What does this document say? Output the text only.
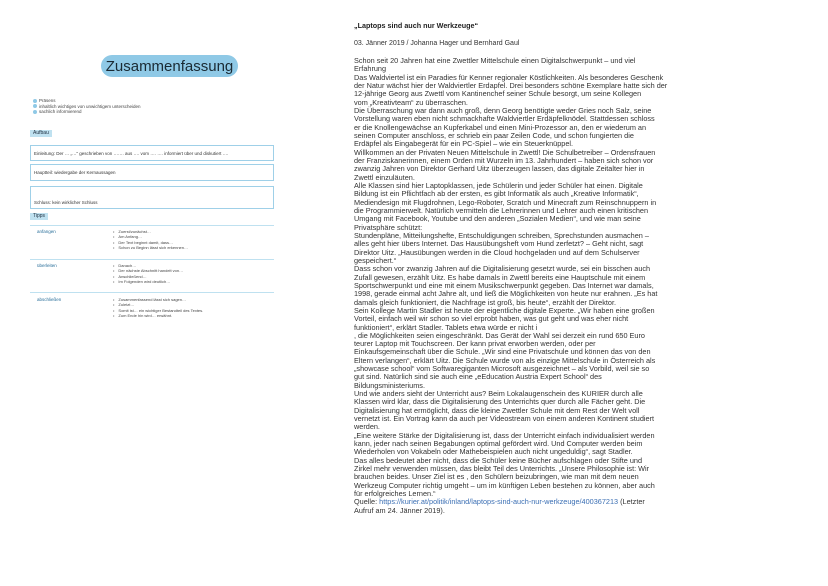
Zusammenfassung
Präsens
inhaltlich wichtiges von unwichtigem unterscheiden
sachlich informierend
Aufbau
Einleitung: Der … „…“ geschrieben von ……. aus …. vom …. …. informiert über und diskutiert ….
Hauptteil: wiedergabe der Kernaussagen
Schluss: kein wirklicher Schluss
Tipps
anfangen	• Zuerst/zunächst…
• Am Anfang…
• Der Text beginnt damit, dass…
• Schon zu Beginn lässt sich erkennen…
überleiten	• Danach…
• Der nächste Abschnitt handelt von…
• Anschließend…
• Im Folgenden wird deutlich…
abschließen	• Zusammenfassend lässt sich sagen…
• Zuletzt…
• Somit ist… ein wichtiger Bestandteil des Textes.
• Zum Ende hin wird… erwähnt.
„Laptops sind auch nur Werkzeuge“
03. Jänner 2019 / Johanna Hager und Bernhard Gaul
Schon seit 20 Jahren hat eine Zwettler Mittelschule einen Digitalschwerpunkt – und viel
Erfahrung
Das Waldviertel ist ein Paradies für Kenner regionaler Köstlichkeiten. Als besonderes Geschenk
der Natur wächst hier der Waldviertler Erdapfel. Drei besonders schöne Exemplare hatte sich der
12-jährige Georg aus Zwettl vom Kantinenchef seiner Schule besorgt, um seine Kollegen
vom „Kreativteam“ zu überraschen.
Die Überraschung war dann auch groß, denn Georg benötigte weder Gries noch Salz, seine
Vorstellung waren eben nicht schmackhafte Waldviertler Erdäpfelknödel. Stattdessen schloss
er die Knollengewächse an Kupferkabel und einen Mini-Prozessor an, den er wiederum an
seinen Computer anschloss, er schrieb ein paar Zeilen Code, und schon fungierten die
Erdäpfel als Eingabegerät für ein PC-Spiel – wie ein Steuerknüppel.
Willkommen an der Privaten Neuen Mittelschule in Zwettl! Die Schulbetreiber – Ordensfrauen
der Franziskanerinnen, einem Orden mit Wurzeln im 13. Jahrhundert – haben sich schon vor
zwanzig Jahren von Direktor Gerhard Uitz überzeugen lassen, das digitale Zeitalter hier in
Zwettl einzuläuten.
Alle Klassen sind hier Laptopklassen, jede Schülerin und jeder Schüler hat einen. Digitale
Bildung ist ein Pflichtfach ab der ersten, es gibt Informatik als auch „Kreative Informatik“,
Mediendesign mit Flugdrohnen, Lego-Roboter, Scratch und Minecraft zum Reinschnuppern in
die Programmierwelt. Natürlich vermitteln die Lehrerinnen und Lehrer auch einen kritischen
Umgang mit Facebook, Youtube und den anderen „Sozialen Medien“, und wie man seine
Privatsphäre schützt:
Stundenpläne, Mitteilungshefte, Entschuldigungen schreiben, Sprechstunden ausmachen –
alles geht hier übers Internet. Das Hausübungsheft vom Hund zerfetzt? – Geht nicht, sagt
Direktor Uitz. „Hausübungen werden in die Cloud hochgeladen und auf dem Schulserver
gespeichert.“
Dass schon vor zwanzig Jahren auf die Digitalisierung gesetzt wurde, sei ein bisschen auch
Zufall gewesen, erzählt Uitz. Es habe damals in Zwettl bereits eine Hauptschule mit einem
Sportschwerpunkt und eine mit einem Musikschwerpunkt gegeben. Das Internet war damals,
1998, gerade einmal acht Jahre alt, und ließ die Möglichkeiten von heute nur erahnen. „Es hat
damals gleich funktioniert, die Nachfrage ist groß, bis heute“, erzählt der Direktor.
Sein Kollege Martin Stadler ist heute der eigentliche digitale Experte. „Wir haben eine großen
Vorteil, einfach weil wir schon so viel erprobt haben, was gut geht und was eher nicht
funktioniert“, erklärt Stadler. Tablets etwa würde er nicht i
, die Möglichkeiten seien eingeschränkt. Das Gerät der Wahl sei derzeit ein rund 650 Euro
teurer Laptop mit Touchscreen. Der kann privat erworben werden, oder per
Einkaufsgemeinschaft über die Schule. „Wir sind eine Privatschule und können das von den
Eltern verlangen“, erklärt Uitz. Die Schule wurde von als einzige Mittelschule in Österreich als
„showcase school“ vom Softwaregiganten Microsoft ausgezeichnet – als Vorbild, weil sie so
gut sind. Natürlich sind sie auch eine „eEducation Austria Expert School“ des
Bildungsministeriums.
Und wie anders sieht der Unterricht aus? Beim Lokalaugenschein des KURIER durch alle
Klassen wird klar, dass die Digitalisierung des Unterrichts quer durch alle Fächer geht. Die
Digitalisierung hat ermöglicht, dass die kleine Zwettler Schule mit dem Rest der Welt voll
vernetzt ist. Ein Vortrag kann da auch per Videostream von einem anderen Kontinent studiert
werden.
„Eine weitere Stärke der Digitalisierung ist, dass der Unterricht einfach individualisiert werden
kann, jeder nach seinen Begabungen optimal gefördert wird. Und Computer werden beim
Wiederholen von Vokabeln oder Mathebeispielen auch nicht ungeduldig“, sagt Stadler.
Das alles bedeutet aber nicht, dass die Schüler keine Bücher aufschlagen oder Stifte und
Zirkel mehr verwenden müssen, das bleibt Teil des Unterrichts. „Unsere Philosophie ist: Wir
brauchen beides. Unser Ziel ist es , den Schülern beizubringen, wie man mit dem neuen
Werkzeug Computer richtig umgeht – um im künftigen Leben bestehen zu können, aber auch
für erfolgreiches Lernen.“
Quelle: https://kurier.at/politik/inland/laptops-sind-auch-nur-werkzeuge/400367213 (Letzter
Aufruf am 24. Jänner 2019).
